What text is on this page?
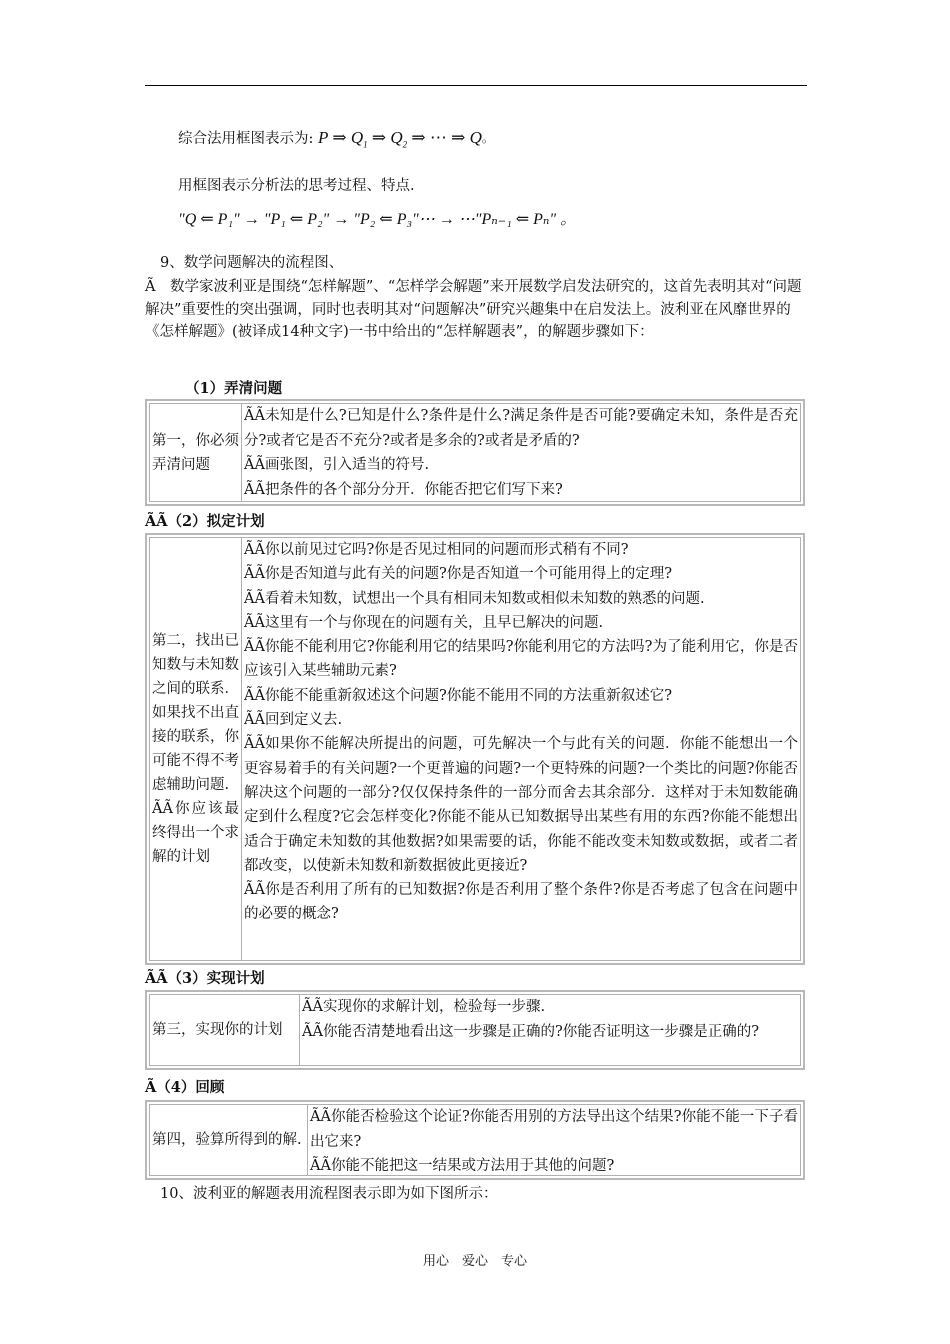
综合法用框图表示为: P ⇒ $Q_1$ ⇒ $Q_2$ ⇒ ⋯ ⇒ Q。
用框图表示分析法的思考过程、特点.
"Q ⇐ P₁" → "P₁ ⇐ P₂" → "P₂ ⇐ P₃"⋯ → ⋯"Pₙ₋₁ ⇐ Pₙ" 。
9、数学问题解决的流程图、
Ã　数学家波利亚是围绕“怎样解题”、“怎样学会解题”来开展数学启发法研究的，这首先表明其对“问题解决”重要性的突出强调，同时也表明其对“问题解决”研究兴趣集中在启发法上。波利亚在风靡世界的《怎样解题》(被译成14种文字)一书中给出的“怎样解题表”，的解题步骤如下：
（1）弄清问题
第一，你必须弄清问题

ÃÃ未知是什么?已知是什么?条件是什么?满足条件是否可能?要确定未知，条件是否充分?或者它是否不充分?或者是多余的?或者是矛盾的?

ÃÃ画张图，引入适当的符号.

ÃÃ把条件的各个部分分开．你能否把它们写下来?

ÃÃ（2）拟定计划
第二，找出已知数与未知数之间的联系．如果找不出直接的联系，你可能不得不考虑辅助问题.
ÃÃ你应该最终得出一个求解的计划

ÃÃ你以前见过它吗?你是否见过相同的问题而形式稍有不同?

ÃÃ你是否知道与此有关的问题?你是否知道一个可能用得上的定理?

ÃÃ看着未知数，试想出一个具有相同未知数或相似未知数的熟悉的问题.

ÃÃ这里有一个与你现在的问题有关，且早已解决的问题.

ÃÃ你能不能利用它?你能利用它的结果吗?你能利用它的方法吗?为了能利用它，你是否应该引入某些辅助元素?

ÃÃ你能不能重新叙述这个问题?你能不能用不同的方法重新叙述它?

ÃÃ回到定义去.

ÃÃ如果你不能解决所提出的问题，可先解决一个与此有关的问题．你能不能想出一个更容易着手的有关问题?一个更普遍的问题?一个更特殊的问题?一个类比的问题?你能否解决这个问题的一部分?仅仅保持条件的一部分而舍去其余部分．这样对于未知数能确定到什么程度?它会怎样变化?你能不能从已知数据导出某些有用的东西?你能不能想出适合于确定未知数的其他数据?如果需要的话，你能不能改变未知数或数据，或者二者都改变，以使新未知数和新数据彼此更接近?

ÃÃ你是否利用了所有的已知数据?你是否利用了整个条件?你是否考虑了包含在问题中的必要的概念?

ÃÃ（3）实现计划
第三，实现你的计划

ÃÃ实现你的求解计划，检验每一步骤.

ÃÃ你能否清楚地看出这一步骤是正确的?你能否证明这一步骤是正确的?

Ã（4）回顾
第四，验算所得到的解.

ÃÃ你能否检验这个论证?你能否用别的方法导出这个结果?你能不能一下子看出它来?

ÃÃ你能不能把这一结果或方法用于其他的问题?

10、波利亚的解题表用流程图表示即为如下图所示：
用心　爱心　专心
